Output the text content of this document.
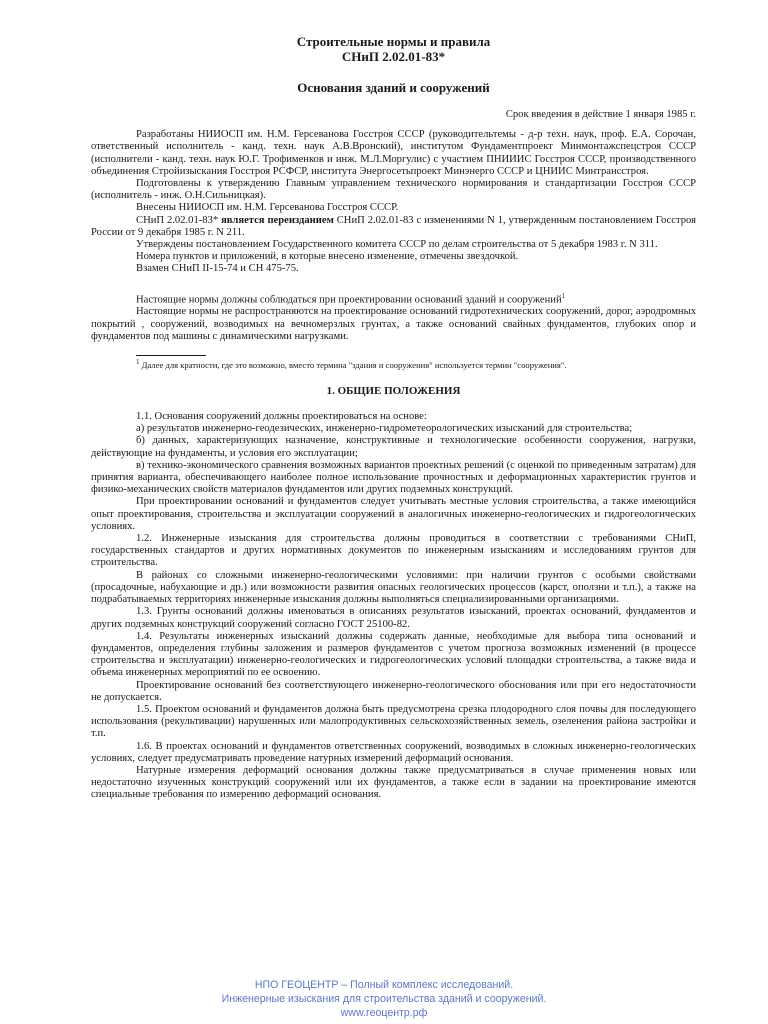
Строительные нормы и правила
СНиП 2.02.01-83*
Основания зданий и сооружений
Срок введения в действие 1 января 1985 г.

Разработаны НИИОСП им. Н.М. Герсеванова Госстроя СССР (руководительтемы - д-р техн. наук, проф. Е.А. Сорочан, ответственный исполнитель - канд. техн. наук А.В.Вронский), институтом Фундаментпроект Минмонтажспецстроя СССР (исполнители - канд. техн. наук Ю.Г. Трофименков и инж. М.Л.Моргулис) с участием ПНИИИС Госстроя СССР, производственного объединения Стройизыскания Госстроя РСФСР, института Энергосетьпроект Минэнерго СССР и ЦНИИС Минтрансстроя.

Подготовлены к утверждению Главным управлением технического нормирования и стандартизации Госстроя СССР (исполнитель - инж. О.Н.Сильницкая).

Внесены НИИОСП им. Н.М. Герсеванова Госстроя СССР.

СНиП 2.02.01-83* является переизданием СНиП 2.02.01-83 с изменениями N 1, утвержденным постановлением Госстроя России от 9 декабря 1985 г. N 211.

Утверждены постановлением Государственного комитета СССР по делам строительства от 5 декабря 1983 г. N 311.

Номера пунктов и приложений, в которые внесено изменение, отмечены звездочкой.

Взамен СНиП II-15-74 и СН 475-75.

Настоящие нормы должны соблюдаться при проектировании оснований зданий и сооружений$^1$

Настоящие нормы не распространяются на проектирование оснований гидротехнических сооружений, дорог, аэродромных покрытий , сооружений, возводимых на вечномерзлых грунтах, а также оснований свайных фундаментов, глубоких опор и фундаментов под машины с динамическими нагрузками.

$^1$ Далее для кратности, где это возможно, вместо термина "здания и сооружения" используется термин "сооружения".
1. ОБЩИЕ ПОЛОЖЕНИЯ

1.1. Основания сооружений должны проектироваться на основе:

а) результатов инженерно-геодезических, инженерно-гидрометеорологических изысканий для строительства;

б) данных, характеризующих назначение, конструктивные и технологические особенности сооружения, нагрузки, действующие на фундаменты, и условия его эксплуатации;

в) технико-экономического сравнения возможных вариантов проектных решений (с оценкой по приведенным затратам) для принятия варианта, обеспечивающего наиболее полное использование прочностных и деформационных характеристик грунтов и физико-механических свойств материалов фундаментов или других подземных конструкций.

При проектировании оснований и фундаментов следует учитывать местные условия строительства, а также имеющийся опыт проектирования, строительства и эксплуатации сооружений в аналогичных инженерно-геологических и гидрогеологических условиях.

1.2. Инженерные изыскания для строительства должны проводиться в соответствии с требованиями СНиП, государственных стандартов и других нормативных документов по инженерным изысканиям и исследованиям грунтов для строительства.

В районах со сложными инженерно-геологическими условиями: при наличии грунтов с особыми свойствами (просадочные, набухающие и др.) или возможности развития опасных геологических процессов (карст, оползни и т.п.), а также на подрабатываемых территориях инженерные изыскания должны выполняться специализированными организациями.

1.3. Грунты оснований должны именоваться в описаниях результатов изысканий, проектах оснований, фундаментов и других подземных конструкций сооружений согласно ГОСТ 25100-82.

1.4. Результаты инженерных изысканий должны содержать данные, необходимые для выбора типа оснований и фундаментов, определения глубины заложения и размеров фундаментов с учетом прогноза возможных изменений (в процессе строительства и эксплуатации) инженерно-геологических и гидрогеологических условий площадки строительства, а также вида и объема инженерных мероприятий по ее освоению.

Проектирование оснований без соответствующего инженерно-геологического обоснования или при его недостаточности не допускается.

1.5. Проектом оснований и фундаментов должна быть предусмотрена срезка плодородного слоя почвы для последующего использования (рекультивации) нарушенных или малопродуктивных сельскохозяйственных земель, озеленения района застройки и т.п.

1.6. В проектах оснований и фундаментов ответственных сооружений, возводимых в сложных инженерно-геологических условиях, следует предусматривать проведение натурных измерений деформаций основания.

Натурные измерения деформаций основания должны также предусматриваться в случае применения новых или недостаточно изученных конструкций сооружений или их фундаментов, а также если в задании на проектирование имеются специальные требования по измерению деформаций основания.

НПО ГЕОЦЕНТР – Полный комплекс исследований.
Инженерные изыскания для строительства зданий и сооружений.
www.геоцентр.рф
